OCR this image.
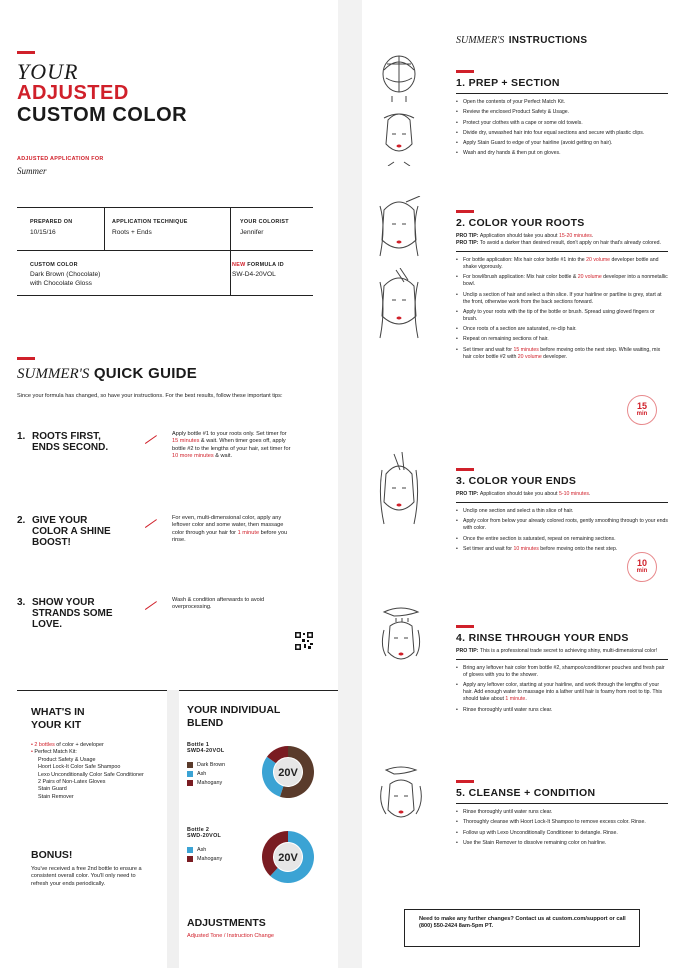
YOUR
ADJUSTED
CUSTOM COLOR
ADJUSTED APPLICATION FOR
Summer
PREPARED ON
10/15/16
APPLICATION TECHNIQUE
Roots + Ends
YOUR COLORIST
Jennifer
CUSTOM COLOR
Dark Brown (Chocolate)
with Chocolate Gloss
NEW FORMULA ID
SW-D4-20VOL
SUMMER'S QUICK GUIDE
Since your formula has changed, so have your instructions. For the best results, follow these important tips:
1. ROOTS FIRST,
ENDS SECOND.
Apply bottle #1 to your roots only. Set timer for 15 minutes & wait. When timer goes off, apply bottle #2 to the lengths of your hair, set timer for 10 more minutes & wait.
2. GIVE YOUR
COLOR A SHINE
BOOST!
For even, multi-dimensional color, apply any leftover color and some water, then massage color through your hair for 1 minute before you rinse.
3. SHOW YOUR
STRANDS SOME
LOVE.
Wash & condition afterwards to avoid overprocessing.
WHAT'S IN
YOUR KIT
• 2 bottles of color + developer
• Perfect Match Kit:
Product Safety & Usage
Hoort Lock-It Color Safe Shampoo
Lexo Unconditionally Color Safe Conditioner
2 Pairs of Non-Latex Gloves
Stain Guard
Stain Remover
BONUS!
You've received a free 2nd bottle to ensure a consistent overall color. You'll only need to refresh your ends periodically.
YOUR INDIVIDUAL
BLEND
Bottle 1
SWD4-20VOL
Dark Brown
Ash
Mahogany
20V
Bottle 2
SWD-20VOL
Ash
Mahogany	20V
ADJUSTMENTS
Adjusted Tone / Instruction Change
SUMMER'S INSTRUCTIONS
1. PREP + SECTION
• Open the contents of your Perfect Match Kit.
• Review the enclosed Product Safety & Usage.
• Protect your clothes with a cape or some old towels.
• Divide dry, unwashed hair into four equal sections and secure with plastic clips.
• Apply Stain Guard to edge of your hairline (avoid getting on hair).
• Wash and dry hands & then put on gloves.
2. COLOR YOUR ROOTS
PRO TIP: Application should take you about 15-20 minutes.
PRO TIP: To avoid a darker than desired result, don't apply on hair that's already colored.
• For bottle application: Mix hair color bottle #1 into the 20 volume developer bottle and shake vigorously.
• For bowl/brush application: Mix hair color bottle & 20 volume developer into a nonmetallic bowl.
• Unclip a section of hair and select a thin slice. If your hairline or partline is grey, start at the front, otherwise work from the back sections forward.
• Apply to your roots with the tip of the bottle or brush. Spread using gloved fingers or brush.
• Once roots of a section are saturated, re-clip hair.
• Repeat on remaining sections of hair.
• Set timer and wait for 15 minutes before moving onto the next step. While waiting, mix hair color bottle #2 with 20 volume developer.
3. COLOR YOUR ENDS
PRO TIP: Application should take you about 5-10 minutes.
• Unclip one section and select a thin slice of hair.
• Apply color from below your already colored roots, gently smoothing through to your ends with color.
• Once the entire section is saturated, repeat on remaining sections.
• Set timer and wait for 10 minutes before moving onto the next step.
4. RINSE THROUGH YOUR ENDS
PRO TIP: This is a professional trade secret to achieving shiny, multi-dimensional color!
• Bring any leftover hair color from bottle #2, shampoo/conditioner pouches and fresh pair of gloves with you to the shower.
• Apply any leftover color, starting at your hairline, and work through the lengths of your hair. Add enough water to massage into a lather until hair is foamy from root to tip. This should take about 1 minute.
• Rinse thoroughly until water runs clear.
5. CLEANSE + CONDITION
• Rinse thoroughly until water runs clear.
• Thoroughly cleanse with Hoort Lock-It Shampoo to remove excess color. Rinse.
• Follow up with Lexo Unconditionally Conditioner to detangle. Rinse.
• Use the Stain Remover to dissolve remaining color on hairline.
15
min
10
min
Need to make any further changes? Contact us at custom.com/support or call (800) 550-2424 8am-5pm PT.
